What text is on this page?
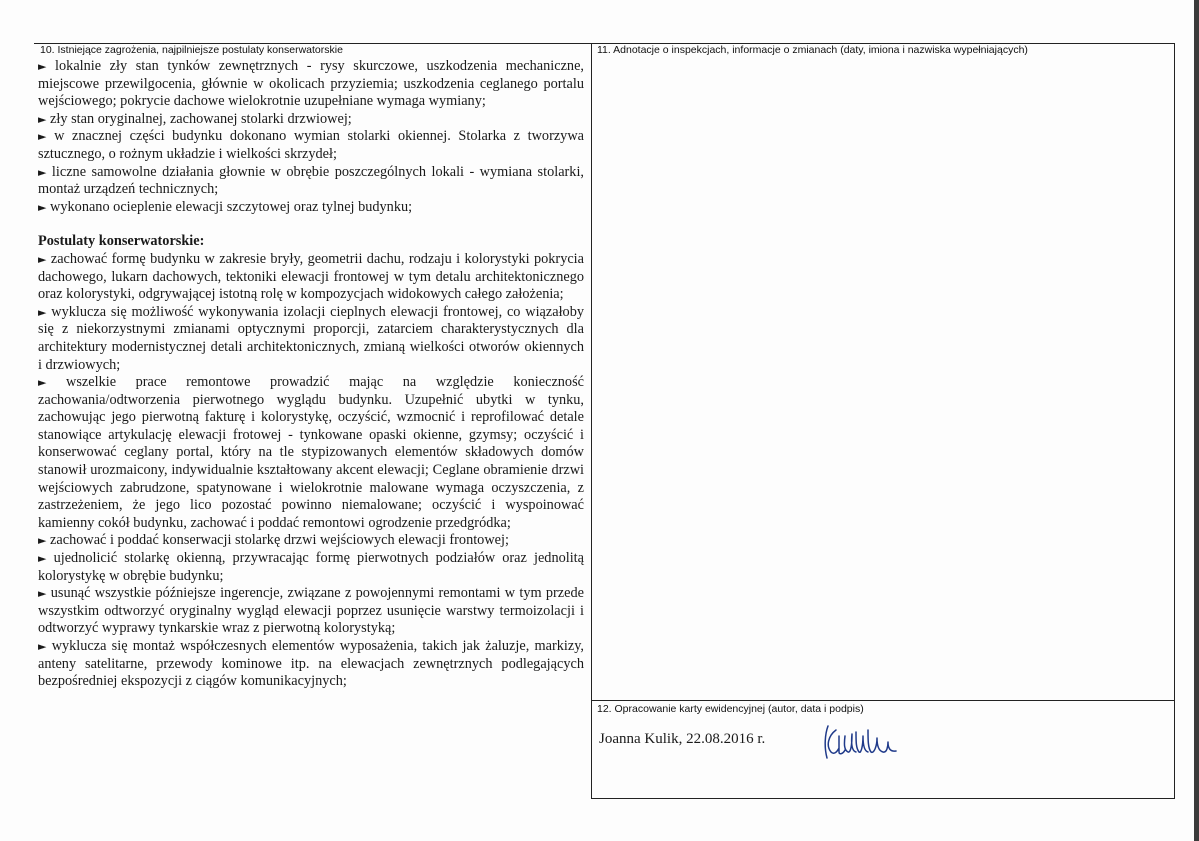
10. Istniejące zagrożenia, najpilniejsze postulaty konserwatorskie	11. Adnotacje o inspekcjach, informacje o zmianach (daty, imiona i nazwiska wypełniających)
12. Opracowanie karty ewidencyjnej (autor, data i podpis)

► lokalnie zły stan tynków zewnętrznych - rysy skurczowe, uszkodzenia mechaniczne, miejscowe przewilgocenia, głównie w okolicach przyziemia; uszkodzenia ceglanego portalu wejściowego; pokrycie dachowe wielokrotnie uzupełniane wymaga wymiany;

► zły stan oryginalnej, zachowanej stolarki drzwiowej;

► w znacznej części budynku dokonano wymian stolarki okiennej. Stolarka z tworzywa sztucznego, o rożnym układzie i wielkości skrzydeł;

► liczne samowolne działania głownie w obrębie poszczególnych lokali - wymiana stolarki, montaż urządzeń technicznych;

► wykonano ocieplenie elewacji szczytowej oraz tylnej budynku;

Postulaty konserwatorskie:

► zachować formę budynku w zakresie bryły, geometrii dachu, rodzaju i kolorystyki pokrycia dachowego, lukarn dachowych, tektoniki elewacji frontowej w tym detalu architektonicznego oraz kolorystyki, odgrywającej istotną rolę w kompozycjach widokowych całego założenia;

► wyklucza się możliwość wykonywania izolacji cieplnych elewacji frontowej, co wiązałoby się z niekorzystnymi zmianami optycznymi proporcji, zatarciem charakterystycznych dla architektury modernistycznej detali architektonicznych, zmianą wielkości otworów okiennych i drzwiowych;

► wszelkie prace remontowe prowadzić mając na względzie konieczność zachowania/odtworzenia pierwotnego wyglądu budynku. Uzupełnić ubytki w tynku, zachowując jego pierwotną fakturę i kolorystykę, oczyścić, wzmocnić i reprofilować detale stanowiące artykulację elewacji frotowej - tynkowane opaski okienne, gzymsy; oczyścić i konserwować ceglany portal, który na tle stypizowanych elementów składowych domów stanowił urozmaicony, indywidualnie kształtowany akcent elewacji; Ceglane obramienie drzwi wejściowych zabrudzone, spatynowane i wielokrotnie malowane wymaga oczyszczenia, z zastrzeżeniem, że jego lico pozostać powinno niemalowane; oczyścić i wyspoinować kamienny cokół budynku, zachować i poddać remontowi ogrodzenie przedgródka;

► zachować i poddać konserwacji stolarkę drzwi wejściowych elewacji frontowej;

► ujednolicić stolarkę okienną, przywracając formę pierwotnych podziałów oraz jednolitą kolorystykę w obrębie budynku;

► usunąć wszystkie późniejsze ingerencje, związane z powojennymi remontami w tym przede wszystkim odtworzyć oryginalny wygląd elewacji poprzez usunięcie warstwy termoizolacji i odtworzyć wyprawy tynkarskie wraz z pierwotną kolorystyką;

► wyklucza się montaż współczesnych elementów wyposażenia, takich jak żaluzje, markizy, anteny satelitarne, przewody kominowe itp. na elewacjach zewnętrznych podlegających bezpośredniej ekspozycji z ciągów komunikacyjnych;

Joanna Kulik, 22.08.2016 r.
